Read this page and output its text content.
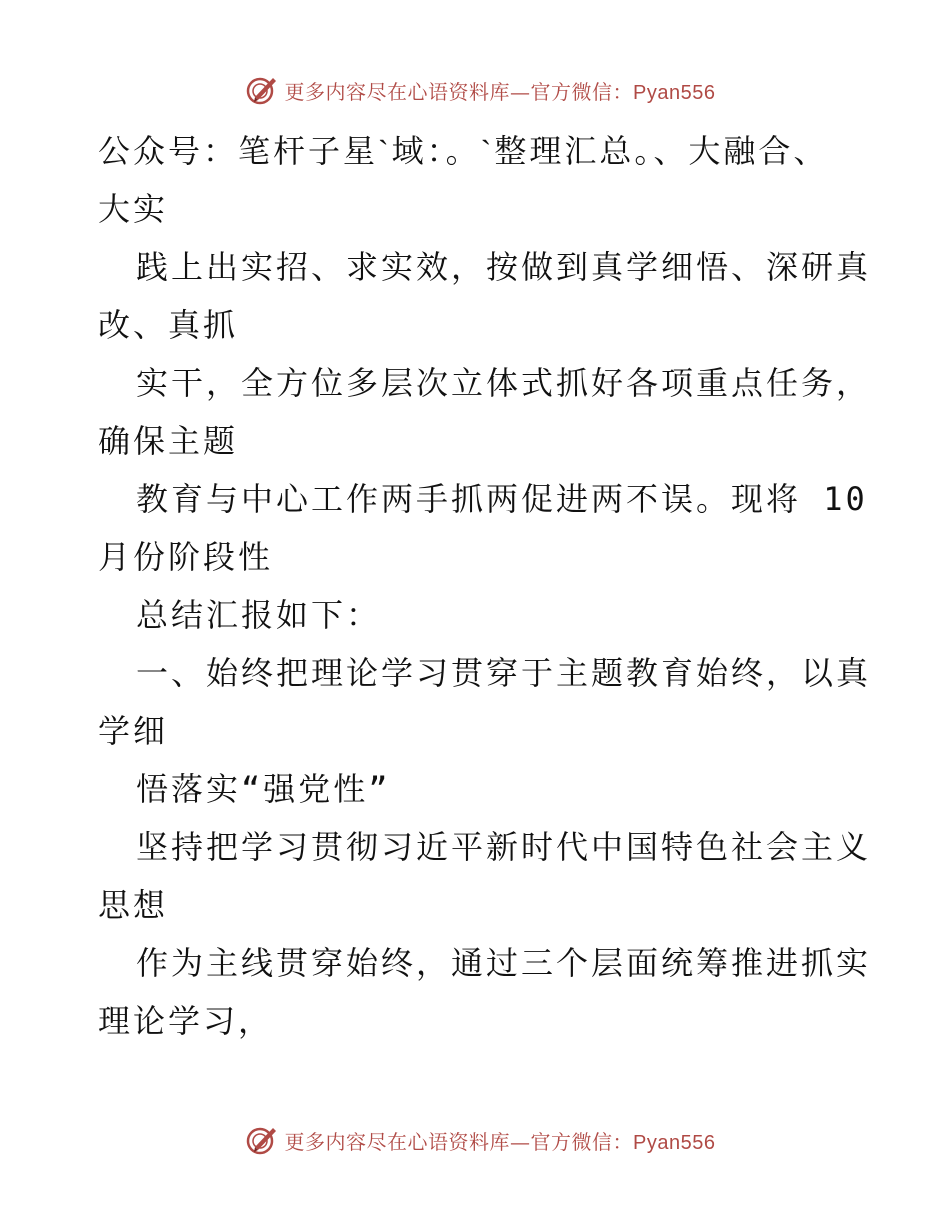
更多内容尽在心语资料库—官方微信：Pyan556
公众号：笔杆子星ˋ域：。ˋ整理汇总。、大融合、
大实
践上出实招、求实效，按做到真学细悟、深研真
改、真抓
实干，全方位多层次立体式抓好各项重点任务，
确保主题
教育与中心工作两手抓两促进两不误。现将 10
月份阶段性
总结汇报如下：
一、始终把理论学习贯穿于主题教育始终，以真
学细
悟落实“强党性”
坚持把学习贯彻习近平新时代中国特色社会主义
思想
作为主线贯穿始终，通过三个层面统筹推进抓实
理论学习，
更多内容尽在心语资料库—官方微信：Pyan556
